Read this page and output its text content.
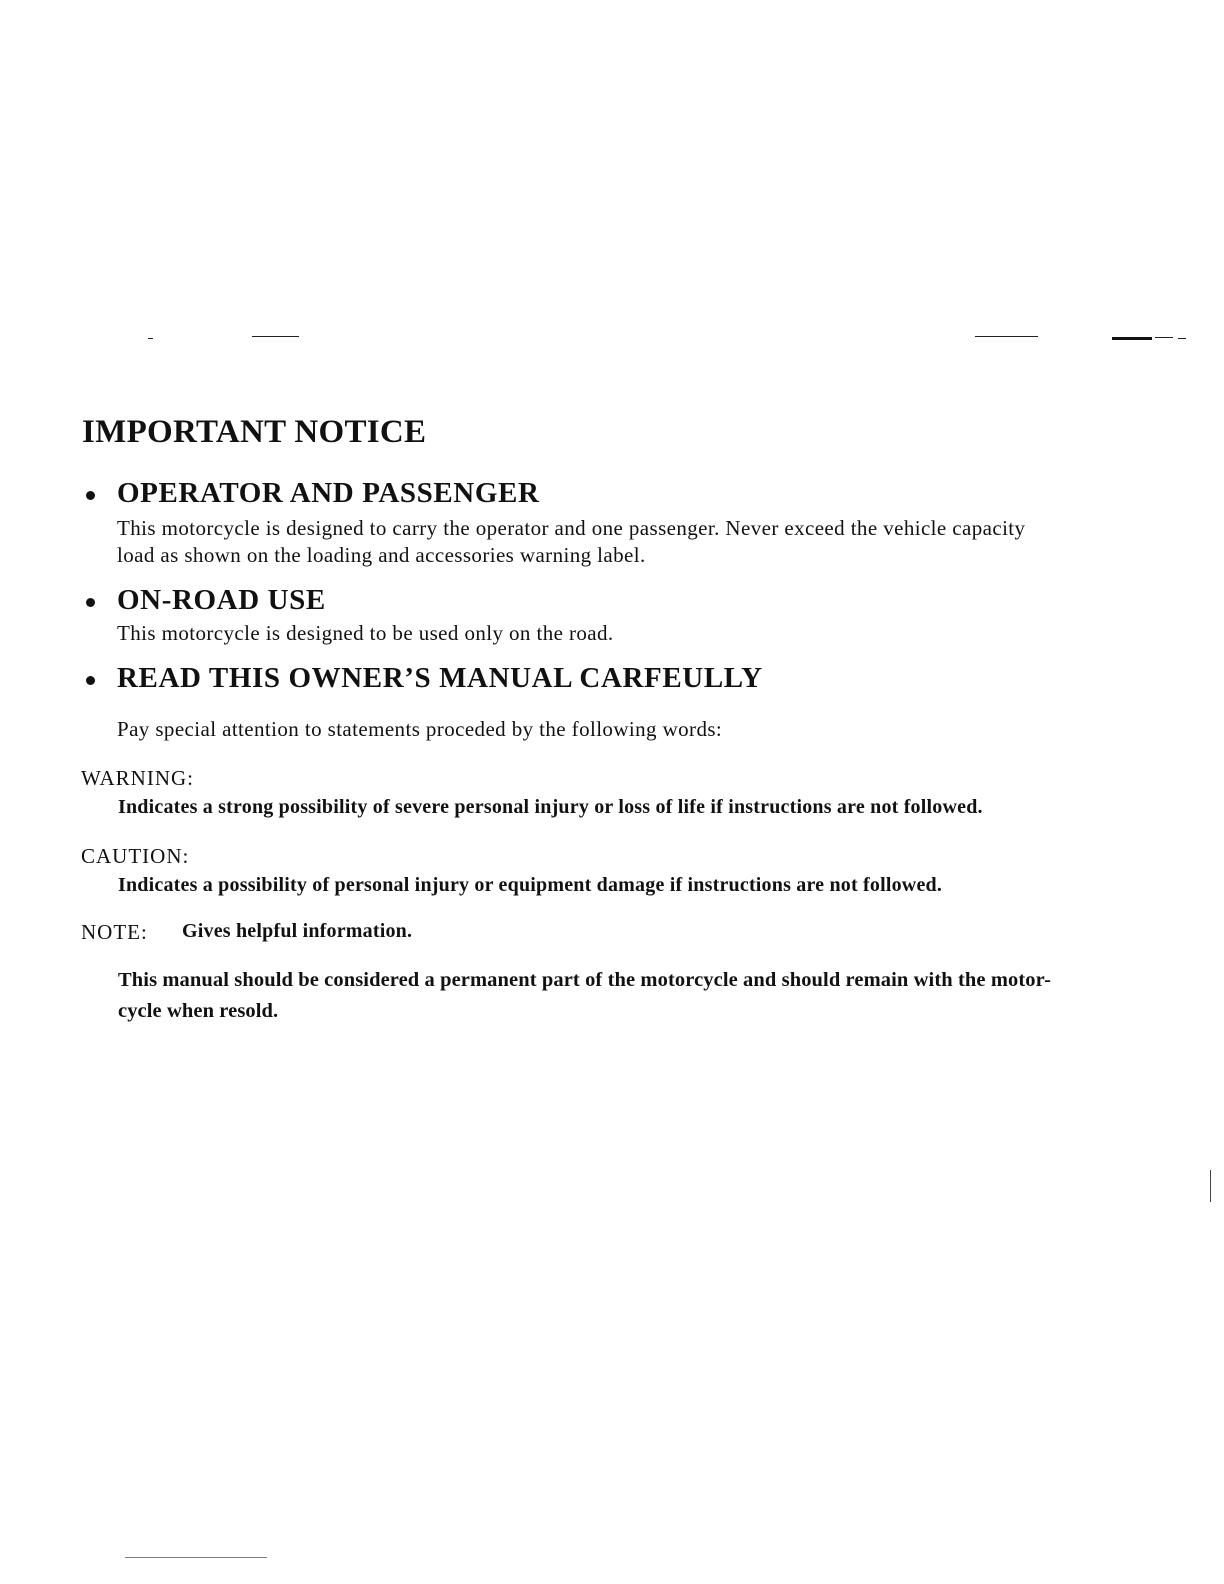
IMPORTANT NOTICE
OPERATOR AND PASSENGER
This motorcycle is designed to carry the operator and one passenger. Never exceed the vehicle capacity
load as shown on the loading and accessories warning label.
ON-ROAD USE
This motorcycle is designed to be used only on the road.
READ THIS OWNER’S MANUAL CARFEULLY
Pay special attention to statements proceded by the following words:
WARNING:
Indicates a strong possibility of severe personal injury or loss of life if instructions are not followed.
CAUTION:
Indicates a possibility of personal injury or equipment damage if instructions are not followed.
NOTE: Gives helpful information.
This manual should be considered a permanent part of the motorcycle and should remain with the motor-
cycle when resold.
